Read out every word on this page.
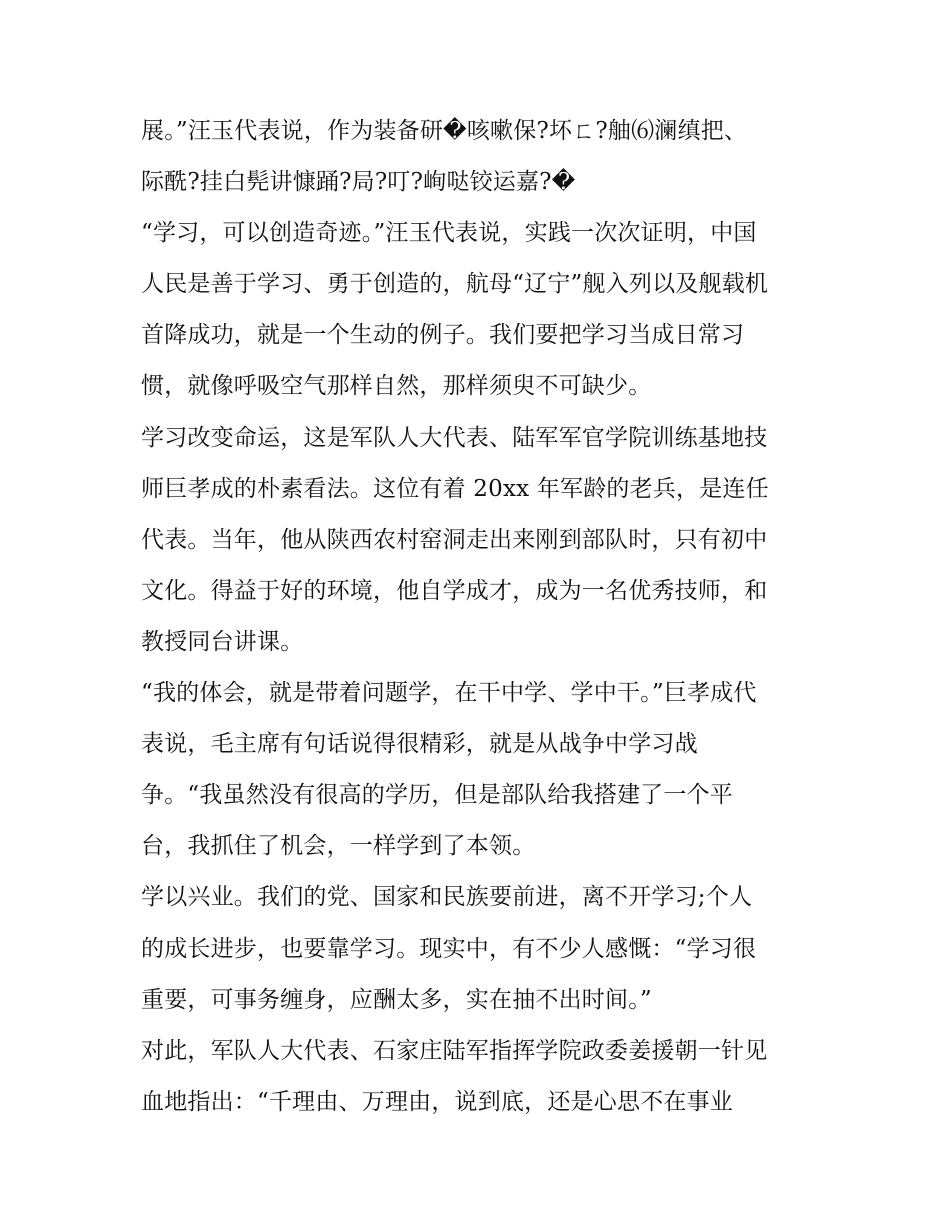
展。”汪玉代表说，作为装备研�咳嗽保?坏ㄈ?舳⑹澜缜把、
际酰?挂白髡讲慷踊?局?叮?峋哒铰运嘉?�
“学习，可以创造奇迹。”汪玉代表说，实践一次次证明，中国
人民是善于学习、勇于创造的，航母“辽宁”舰入列以及舰载机
首降成功，就是一个生动的例子。我们要把学习当成日常习
惯，就像呼吸空气那样自然，那样须臾不可缺少。
学习改变命运，这是军队人大代表、陆军军官学院训练基地技
师巨孝成的朴素看法。这位有着 20xx 年军龄的老兵，是连任
代表。当年，他从陕西农村窑洞走出来刚到部队时，只有初中
文化。得益于好的环境，他自学成才，成为一名优秀技师，和
教授同台讲课。
“我的体会，就是带着问题学，在干中学、学中干。”巨孝成代
表说，毛主席有句话说得很精彩，就是从战争中学习战
争。“我虽然没有很高的学历，但是部队给我搭建了一个平
台，我抓住了机会，一样学到了本领。
学以兴业。我们的党、国家和民族要前进，离不开学习;个人
的成长进步，也要靠学习。现实中，有不少人感慨：“学习很
重要，可事务缠身，应酬太多，实在抽不出时间。”
对此，军队人大代表、石家庄陆军指挥学院政委姜援朝一针见
血地指出：“千理由、万理由，说到底，还是心思不在事业
